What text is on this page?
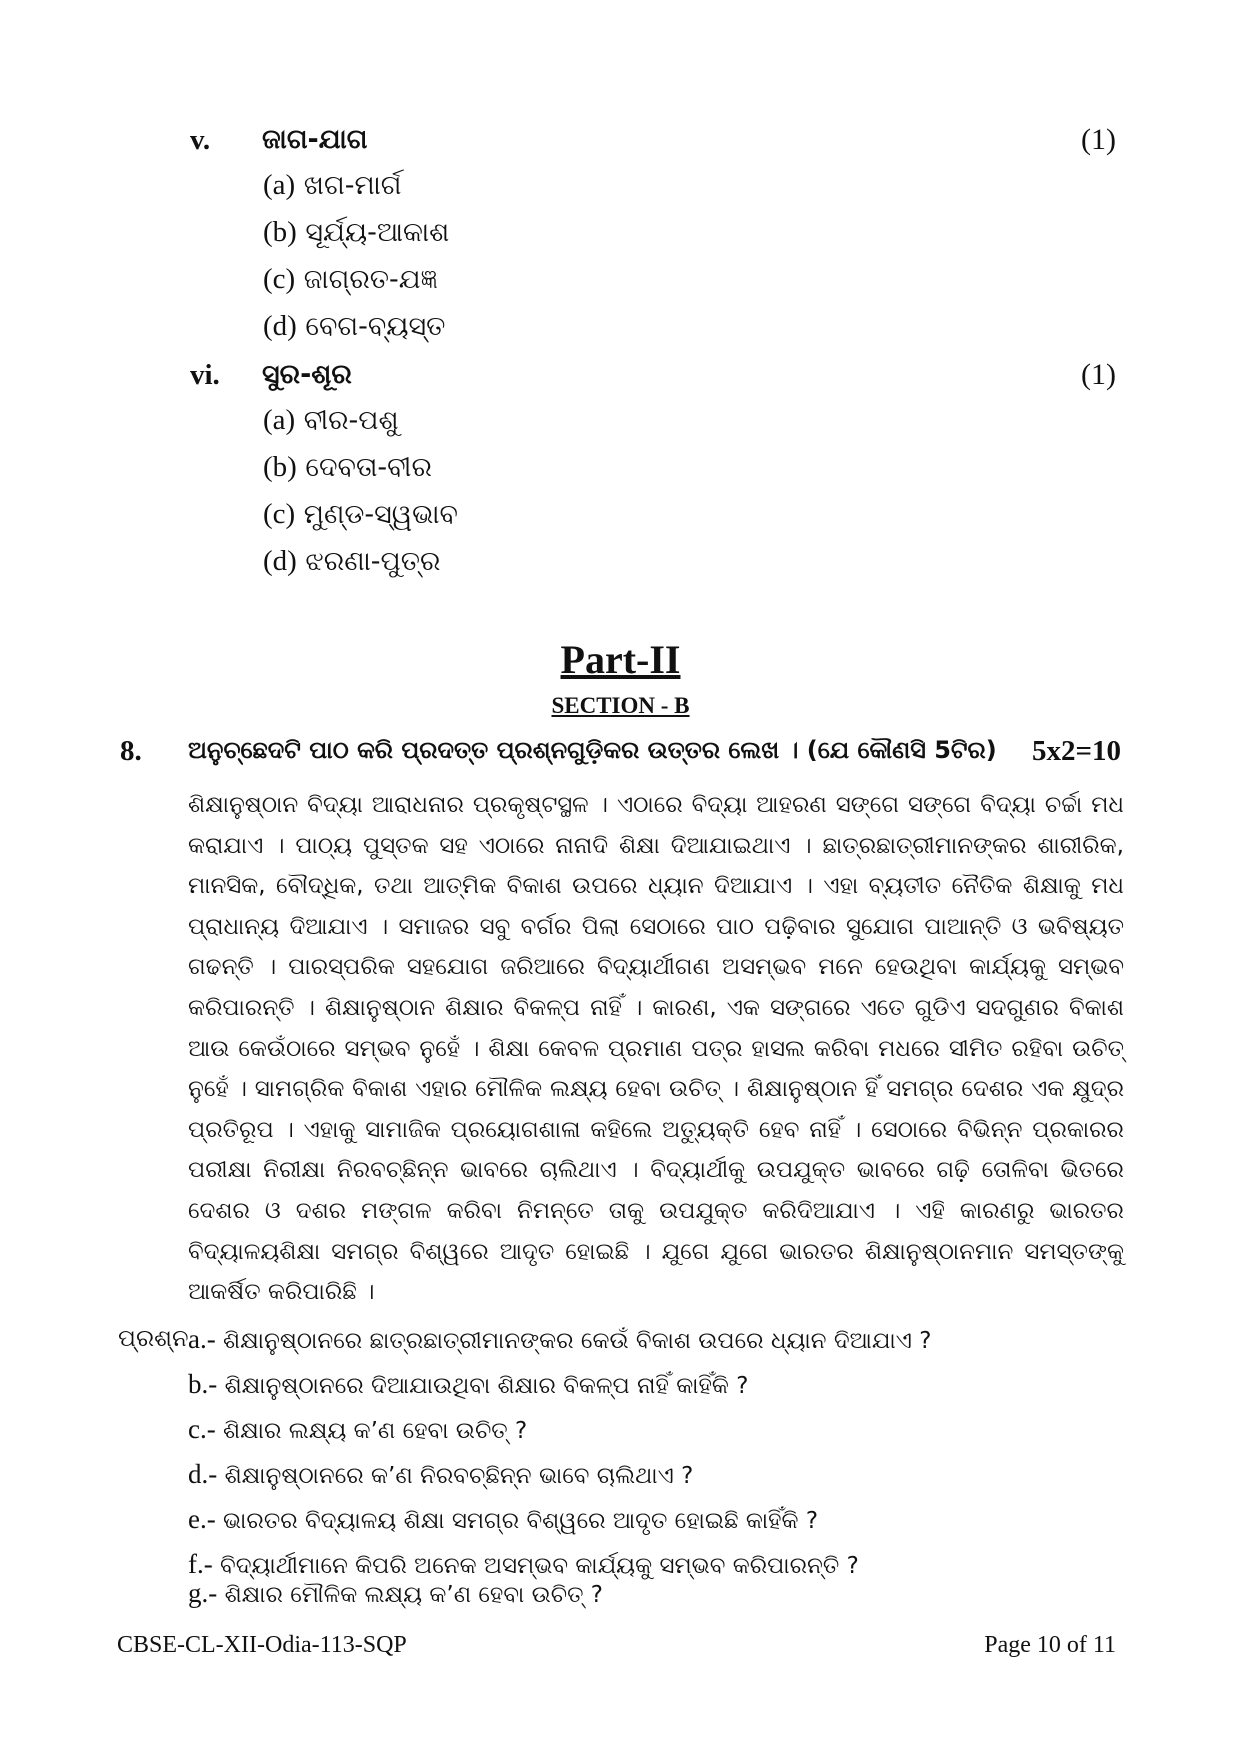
v. ଜାଗ-ଯାଗ	(1)
(a) ଖଗ-ମାର୍ଗ
(b) ସୂର୍ଯ୍ୟ-ଆକାଶ
(c) ଜାଗ୍ରତ-ଯଜ୍ଞ
(d) ବେଗ-ବ୍ୟସ୍ତ
vi. ସୁର-ଶୂର	(1)
(a) ବୀର-ପଶୁ
(b) ଦେବତା-ବୀର
(c) ମୁଣ୍ଡ-ସ୍ୱଭାବ
(d) ଝରଣା-ପୁତ୍ର
Part-II
SECTION - B
8. ଅନୁଚ୍ଛେଦଟି ପାଠ କରି ପ୍ରଦତ୍ତ ପ୍ରଶ୍ନଗୁଡ଼ିକର ଉତ୍ତର ଲେଖ । (ଯେ କୌଣସି 5ଟିର) 5x2=10
ଶିକ୍ଷାନୁଷ୍ଠାନ ବିଦ୍ୟା ଆରାଧନାର ପ୍ରକୃଷ୍ଟସ୍ଥଳ । ଏଠାରେ ବିଦ୍ୟା ଆହରଣ ସଙ୍ଗେ ସଙ୍ଗେ ବିଦ୍ୟା ଚର୍ଚ୍ଚା ମଧ କରାଯାଏ । ପାଠ୍ୟ ପୁସ୍ତକ ସହ ଏଠାରେ ନାନାଦି ଶିକ୍ଷା ଦିଆଯାଇଥାଏ । ଛାତ୍ରଛାତ୍ରୀମାନଙ୍କର ଶାରୀରିକ, ମାନସିକ, ବୌଦ୍ଧିକ, ତଥା ଆତ୍ମିକ ବିକାଶ ଉପରେ ଧ୍ୟାନ ଦିଆଯାଏ । ଏହା ବ୍ୟତୀତ ନୈତିକ ଶିକ୍ଷାକୁ ମଧ ପ୍ରାଧାନ୍ୟ ଦିଆଯାଏ । ସମାଜର ସବୁ ବର୍ଗର ପିଲା ସେଠାରେ ପାଠ ପଢ଼ିବାର ସୁଯୋଗ ପାଆନ୍ତି ଓ ଭବିଷ୍ୟତ ଗଢନ୍ତି । ପାରସ୍ପରିକ ସହଯୋଗ ଜରିଆରେ ବିଦ୍ୟାର୍ଥୀଗଣ ଅସମ୍ଭବ ମନେ ହେଉଥିବା କାର୍ଯ୍ୟକୁ ସମ୍ଭବ କରିପାରନ୍ତି । ଶିକ୍ଷାନୁଷ୍ଠାନ ଶିକ୍ଷାର ବିକଳ୍ପ ନାହିଁ । କାରଣ, ଏକ ସଙ୍ଗରେ ଏତେ ଗୁଡିଏ ସଦଗୁଣର ବିକାଶ ଆଉ କେଉଁଠାରେ ସମ୍ଭବ ନୁହେଁ । ଶିକ୍ଷା କେବଳ ପ୍ରମାଣ ପତ୍ର ହାସଲ କରିବା ମଧରେ ସୀମିତ ରହିବା ଉଚିତ୍ ନୁହେଁ । ସାମଗ୍ରିକ ବିକାଶ ଏହାର ମୌଳିକ ଲକ୍ଷ୍ୟ ହେବା ଉଚିତ୍ । ଶିକ୍ଷାନୁଷ୍ଠାନ ହିଁ ସମଗ୍ର ଦେଶର ଏକ କ୍ଷୁଦ୍ର ପ୍ରତିରୂପ । ଏହାକୁ ସାମାଜିକ ପ୍ରୟୋଗଶାଳା କହିଲେ ଅତ୍ୟୁକ୍ତି ହେବ ନାହିଁ । ସେଠାରେ ବିଭିନ୍ନ ପ୍ରକାରର ପରୀକ୍ଷା ନିରୀକ୍ଷା ନିରବଚ୍ଛିନ୍ନ ଭାବରେ ଚାଲିଥାଏ । ବିଦ୍ୟାର୍ଥୀକୁ ଉପଯୁକ୍ତ ଭାବରେ ଗଢ଼ି ତୋଳିବା ଭିତରେ ଦେଶର ଓ ଦଶର ମଙ୍ଗଳ କରିବା ନିମନ୍ତେ ତାକୁ ଉପଯୁକ୍ତ କରିଦିଆଯାଏ । ଏହି କାରଣରୁ ଭାରତର ବିଦ୍ୟାଳୟଶିକ୍ଷା ସମଗ୍ର ବିଶ୍ୱରେ ଆଦୃତ ହୋଇଛି । ଯୁଗେ ଯୁଗେ ଭାରତର ଶିକ୍ଷାନୁଷ୍ଠାନମାନ ସମସ୍ତଙ୍କୁ ଆକର୍ଷିତ କରିପାରିଛି ।
ପ୍ରଶ୍ନ a.- ଶିକ୍ଷାନୁଷ୍ଠାନରେ ଛାତ୍ରଛାତ୍ରୀମାନଙ୍କର କେଉଁ ବିକାଶ ଉପରେ ଧ୍ୟାନ ଦିଆଯାଏ ?
b.- ଶିକ୍ଷାନୁଷ୍ଠାନରେ ଦିଆଯାଉଥିବା ଶିକ୍ଷାର ବିକଳ୍ପ ନାହିଁ କାହିଁକି ?
c.- ଶିକ୍ଷାର ଲକ୍ଷ୍ୟ କ’ଣ ହେବା ଉଚିତ୍ ?
d.- ଶିକ୍ଷାନୁଷ୍ଠାନରେ କ’ଣ ନିରବଚ୍ଛିନ୍ନ ଭାବେ ଚାଲିଥାଏ ?
e.- ଭାରତର ବିଦ୍ୟାଳୟ ଶିକ୍ଷା ସମଗ୍ର ବିଶ୍ୱରେ ଆଦୃତ ହୋଇଛି କାହିଁକି ?
f.- ବିଦ୍ୟାର୍ଥୀମାନେ କିପରି ଅନେକ ଅସମ୍ଭବ କାର୍ଯ୍ୟକୁ ସମ୍ଭବ କରିପାରନ୍ତି ?
g.- ଶିକ୍ଷାର ମୌଳିକ ଲକ୍ଷ୍ୟ କ’ଣ ହେବା ଉଚିତ୍ ?
CBSE-CL-XII-Odia-113-SQP	Page 10 of 11
